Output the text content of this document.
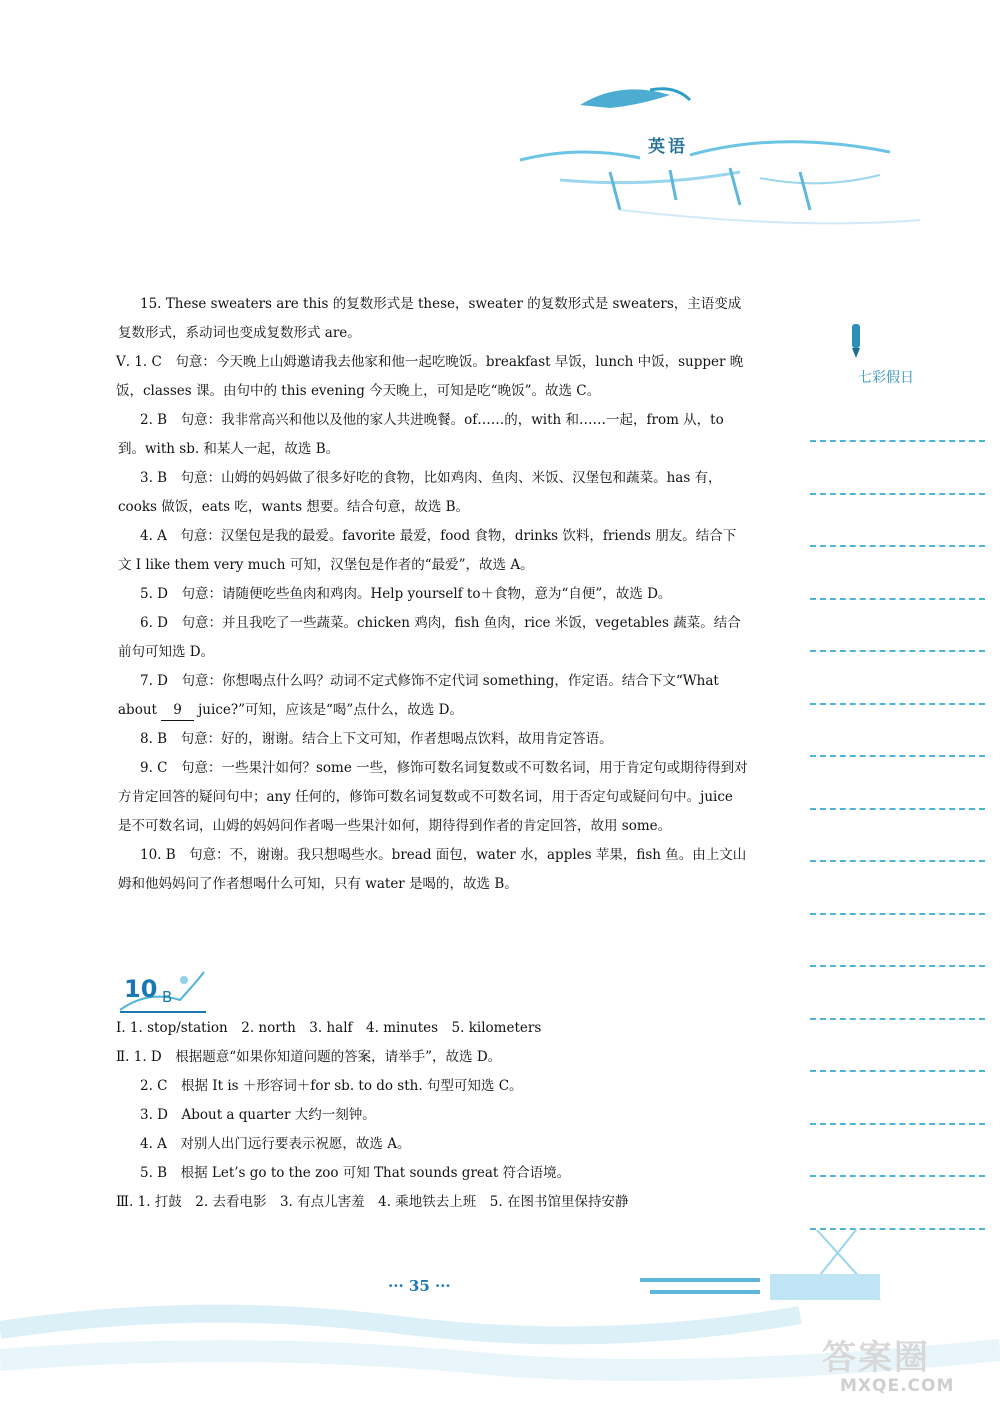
英语
七彩假日

15. These sweaters are this 的复数形式是 these，sweater 的复数形式是 sweaters，主语变成复数形式，系动词也变成复数形式 are。

Ⅴ. 1. C　句意：今天晚上山姆邀请我去他家和他一起吃晚饭。breakfast 早饭，lunch 中饭，supper 晚饭，classes 课。由句中的 this evening 今天晚上，可知是吃“晚饭”。故选 C。

2. B　句意：我非常高兴和他以及他的家人共进晚餐。of……的，with 和……一起，from 从，to 到。with sb. 和某人一起，故选 B。

3. B　句意：山姆的妈妈做了很多好吃的食物，比如鸡肉、鱼肉、米饭、汉堡包和蔬菜。has 有，cooks 做饭，eats 吃，wants 想要。结合句意，故选 B。

4. A　句意：汉堡包是我的最爱。favorite 最爱，food 食物，drinks 饮料，friends 朋友。结合下文 I like them very much 可知，汉堡包是作者的“最爱”，故选 A。

5. D　句意：请随便吃些鱼肉和鸡肉。Help yourself to＋食物，意为“自便”，故选 D。

6. D　句意：并且我吃了一些蔬菜。chicken 鸡肉，fish 鱼肉，rice 米饭，vegetables 蔬菜。结合前句可知选 D。

7. D　句意：你想喝点什么吗？动词不定式修饰不定代词 something，作定语。结合下文“What about 9 juice?”可知，应该是“喝”点什么，故选 D。

8. B　句意：好的，谢谢。结合上下文可知，作者想喝点饮料，故用肯定答语。

9. C　句意：一些果汁如何？some 一些，修饰可数名词复数或不可数名词，用于肯定句或期待得到对方肯定回答的疑问句中；any 任何的，修饰可数名词复数或不可数名词，用于否定句或疑问句中。juice 是不可数名词，山姆的妈妈问作者喝一些果汁如何，期待得到作者的肯定回答，故用 some。

10. B　句意：不，谢谢。我只想喝些水。bread 面包，water 水，apples 苹果，fish 鱼。由上文山姆和他妈妈问了作者想喝什么可知，只有 water 是喝的，故选 B。

10 B

Ⅰ. 1. stop/station　2. north　3. half　4. minutes　5. kilometers

Ⅱ. 1. D　根据题意“如果你知道问题的答案，请举手”，故选 D。

2. C　根据 It is ＋形容词＋for sb. to do sth. 句型可知选 C。

3. D　About a quarter 大约一刻钟。

4. A　对别人出门远行要表示祝愿，故选 A。

5. B　根据 Let’s go to the zoo 可知 That sounds great 符合语境。

Ⅲ. 1. 打鼓　2. 去看电影　3. 有点儿害羞　4. 乘地铁去上班　5. 在图书馆里保持安静

··· 35 ···
答案圈
MXQE.COM
